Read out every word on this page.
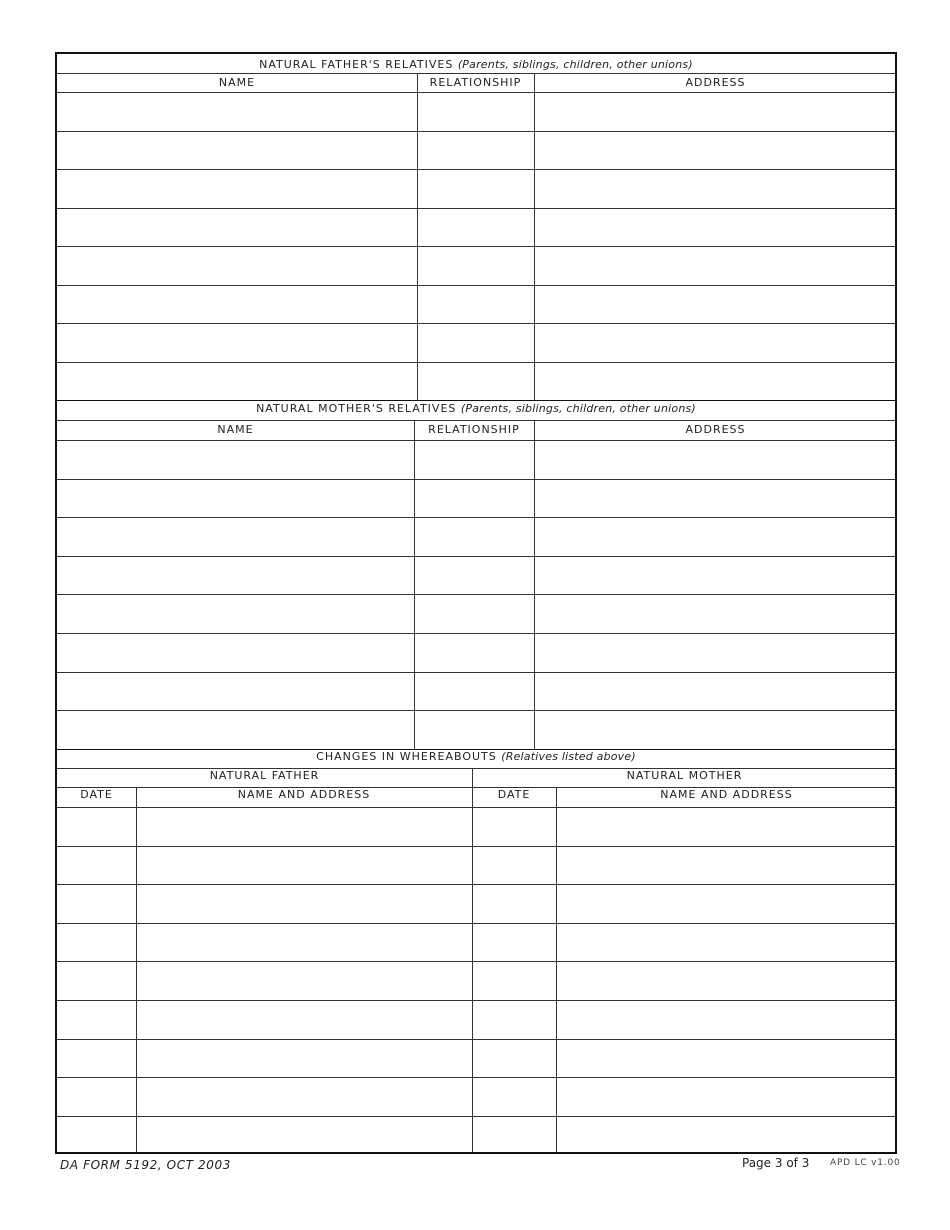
NATURAL FATHER'S RELATIVES (Parents, siblings, children, other unions)
NAME	RELATIONSHIP	ADDRESS
NATURAL MOTHER'S RELATIVES (Parents, siblings, children, other unions)
NAME	RELATIONSHIP	ADDRESS
CHANGES IN WHEREABOUTS (Relatives listed above)
NATURAL FATHER	NATURAL MOTHER
DATE	NAME AND ADDRESS	DATE	NAME AND ADDRESS
DA FORM 5192, OCT 2003	Page 3 of 3 APD LC v1.00
